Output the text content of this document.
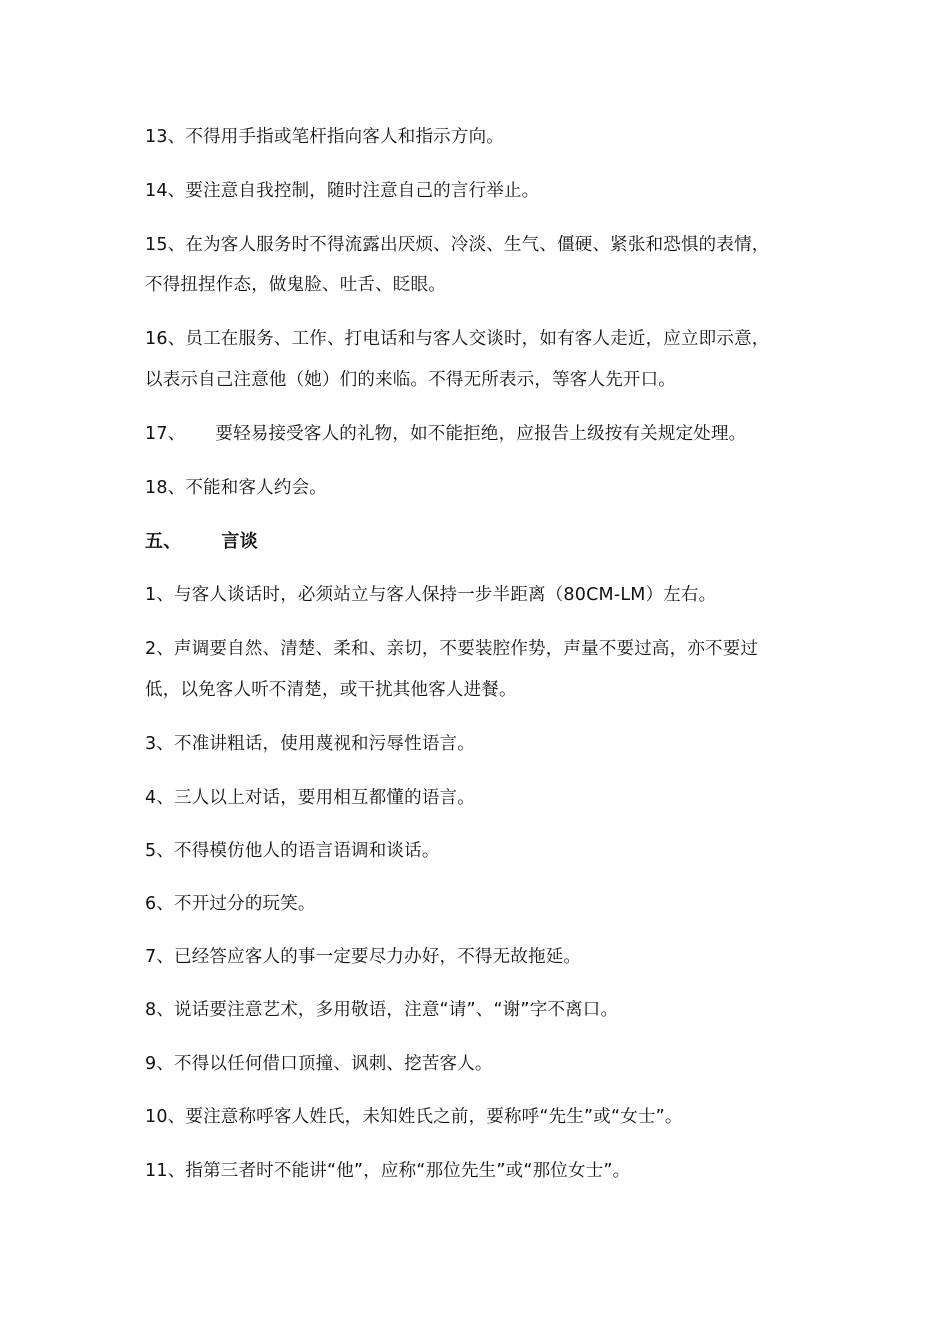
13、不得用手指或笔杆指向客人和指示方向。
14、要注意自我控制，随时注意自己的言行举止。
15、在为客人服务时不得流露出厌烦、冷淡、生气、僵硬、紧张和恐惧的表情，
不得扭捏作态，做鬼脸、吐舌、眨眼。
16、员工在服务、工作、打电话和与客人交谈时，如有客人走近，应立即示意，
以表示自己注意他（她）们的来临。不得无所表示，等客人先开口。
17、 要轻易接受客人的礼物，如不能拒绝，应报告上级按有关规定处理。
18、不能和客人约会。
五、 言谈
1、与客人谈话时，必须站立与客人保持一步半距离（80CM-LM）左右。
2、声调要自然、清楚、柔和、亲切，不要装腔作势，声量不要过高，亦不要过
低，以免客人听不清楚，或干扰其他客人进餐。
3、不准讲粗话，使用蔑视和污辱性语言。
4、三人以上对话，要用相互都懂的语言。
5、不得模仿他人的语言语调和谈话。
6、不开过分的玩笑。
7、已经答应客人的事一定要尽力办好，不得无故拖延。
8、说话要注意艺术，多用敬语，注意“请”、“谢”字不离口。
9、不得以任何借口顶撞、讽刺、挖苦客人。
10、要注意称呼客人姓氏，未知姓氏之前，要称呼“先生”或“女士”。
11、指第三者时不能讲“他”，应称“那位先生”或“那位女士”。
